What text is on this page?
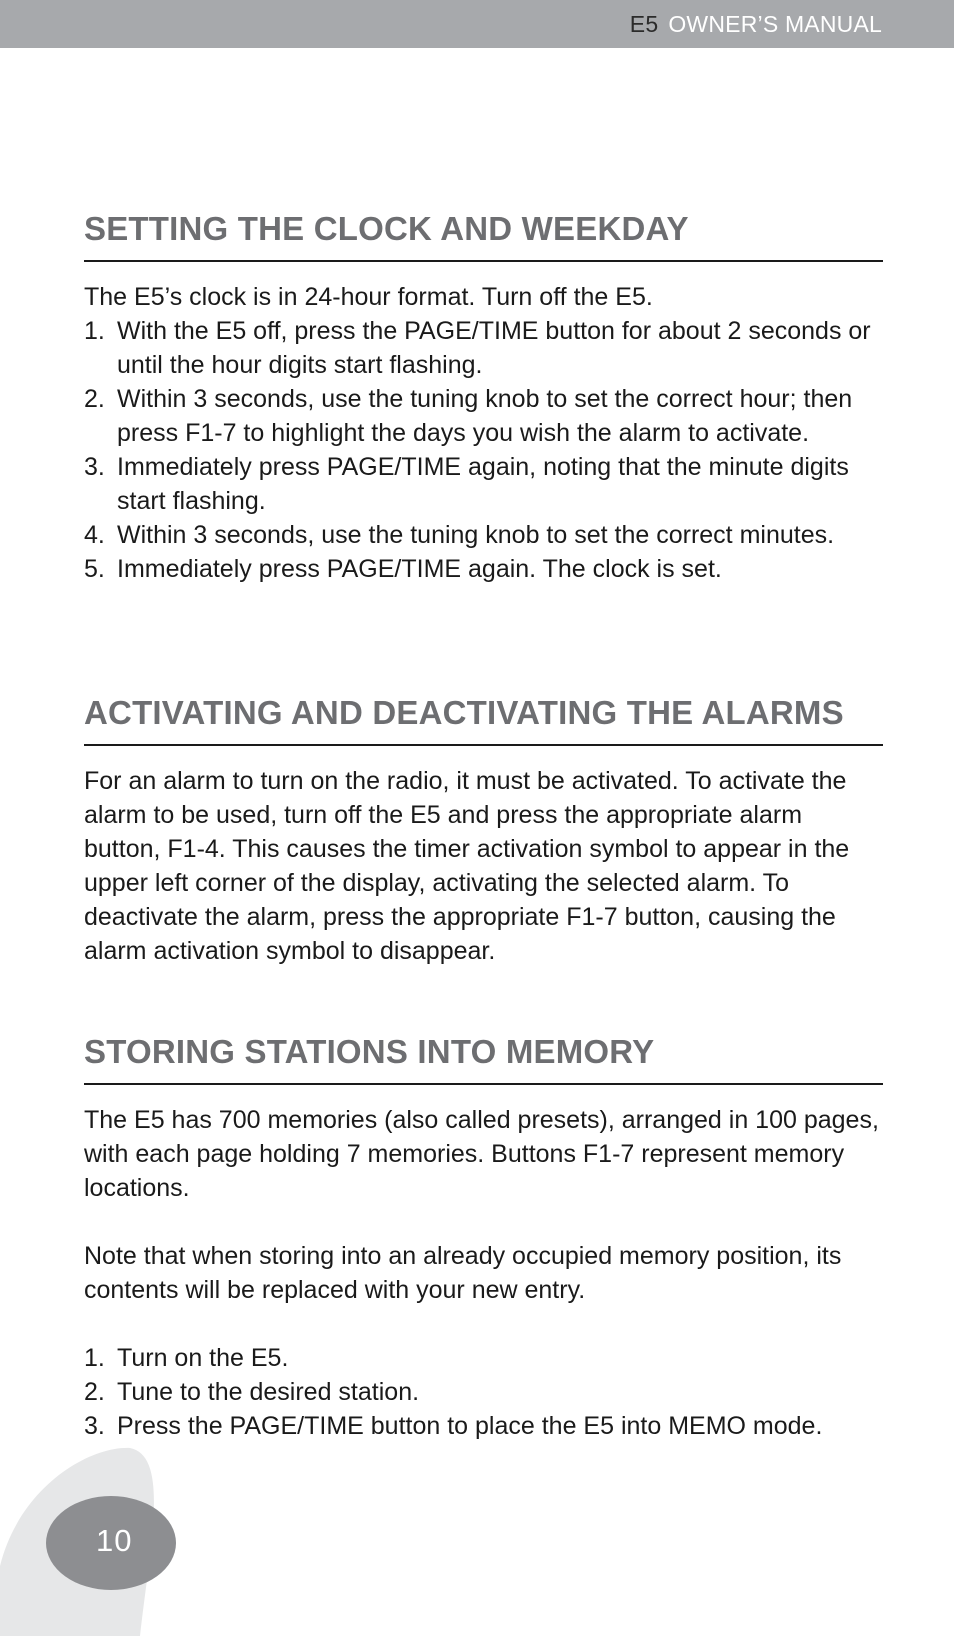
E5 OWNER’S MANUAL
SETTING THE CLOCK AND WEEKDAY

The E5’s clock is in 24-hour format. Turn off the E5.

1. With the E5 off, press the PAGE/TIME button for about 2 seconds or until the hour digits start flashing.
2. Within 3 seconds, use the tuning knob to set the correct hour; then press F1-7 to highlight the days you wish the alarm to activate.
3. Immediately press PAGE/TIME again, noting that the minute digits start flashing.
4. Within 3 seconds, use the tuning knob to set the correct minutes.
5. Immediately press PAGE/TIME again. The clock is set.
ACTIVATING AND DEACTIVATING THE ALARMS

For an alarm to turn on the radio, it must be activated. To activate the alarm to be used, turn off the E5 and press the appropriate alarm button, F1-4. This causes the timer activation symbol to appear in the upper left corner of the display, activating the selected alarm. To deactivate the alarm, press the appropriate F1-7 button, causing the alarm activation symbol to disappear.

STORING STATIONS INTO MEMORY

The E5 has 700 memories (also called presets), arranged in 100 pages, with each page holding 7 memories. Buttons F1-7 represent memory locations.

Note that when storing into an already occupied memory position, its contents will be replaced with your new entry.

1. Turn on the E5.
2. Tune to the desired station.
3. Press the PAGE/TIME button to place the E5 into MEMO mode.
10
